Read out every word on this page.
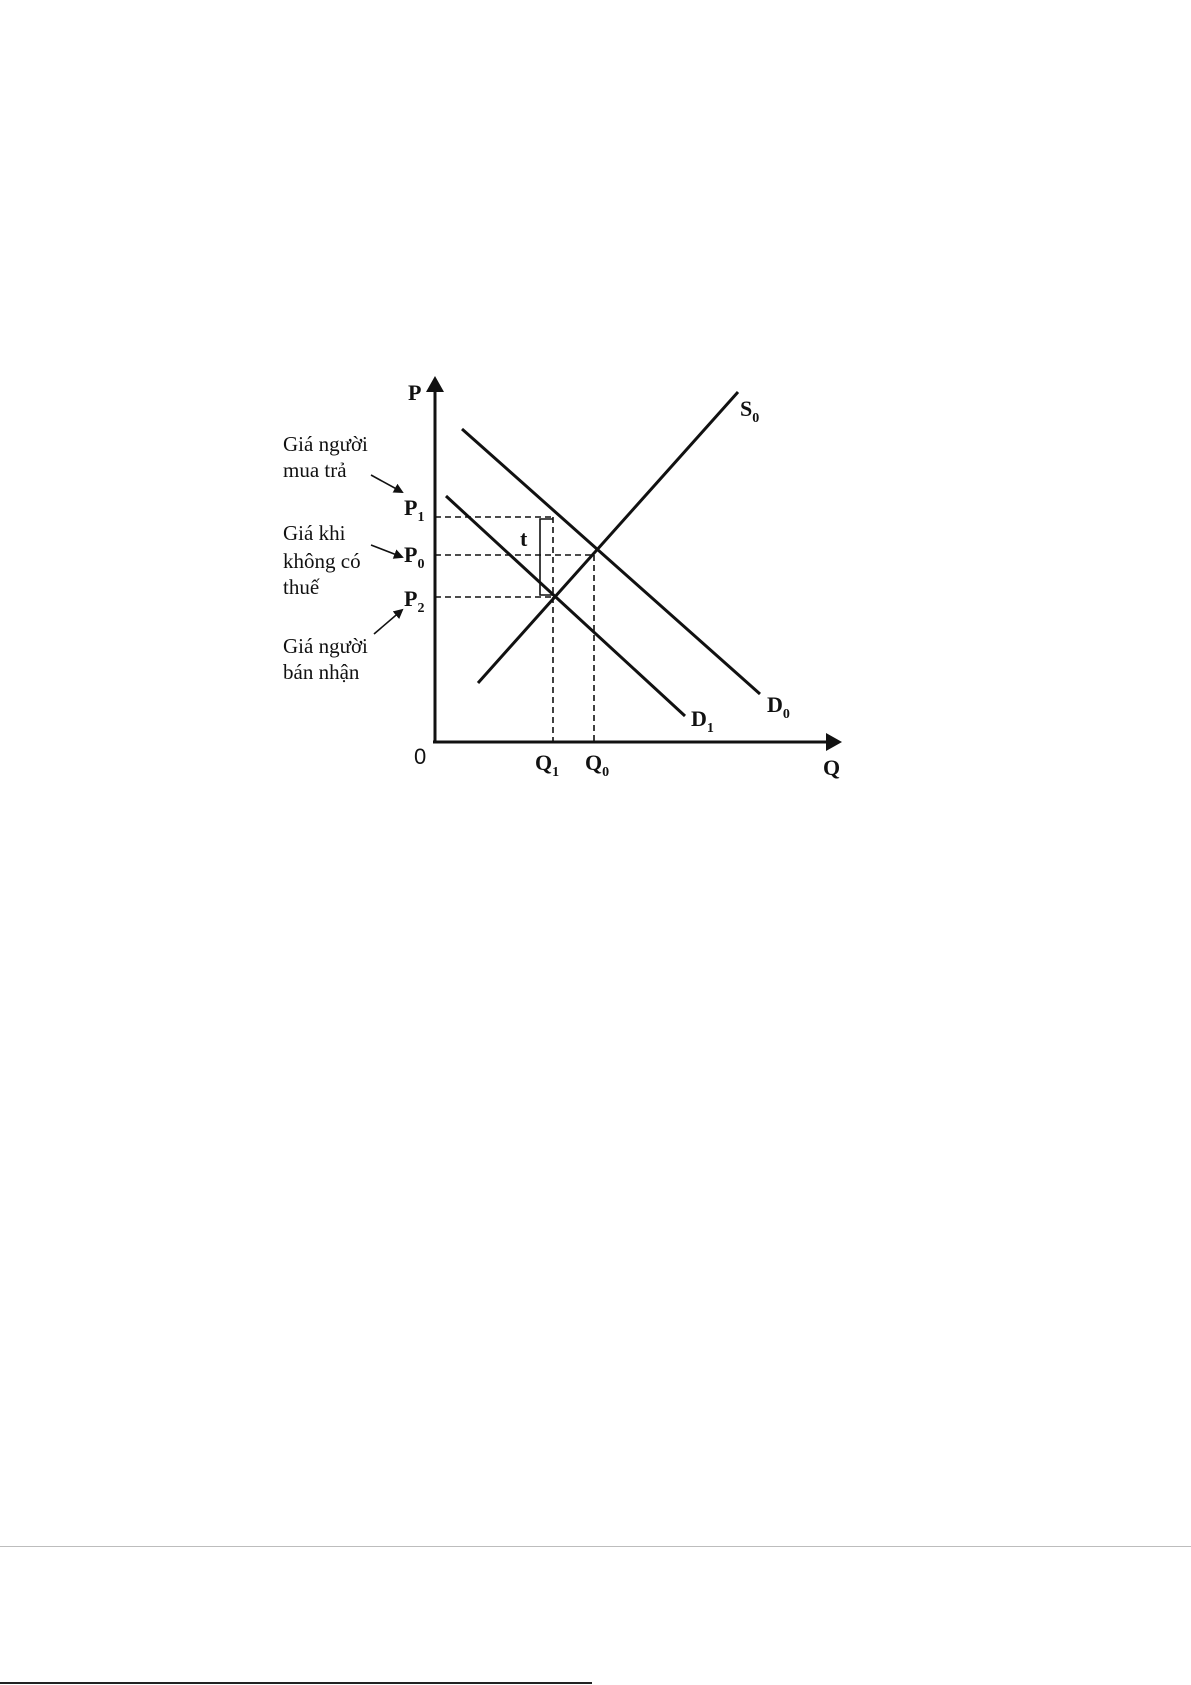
P
Q
0
S0
D0
D1
P1
P0
P2
Q1 Q0
t
Giá người
mua trả
Giá khi
không có
thuế
Giá người
bán nhận
